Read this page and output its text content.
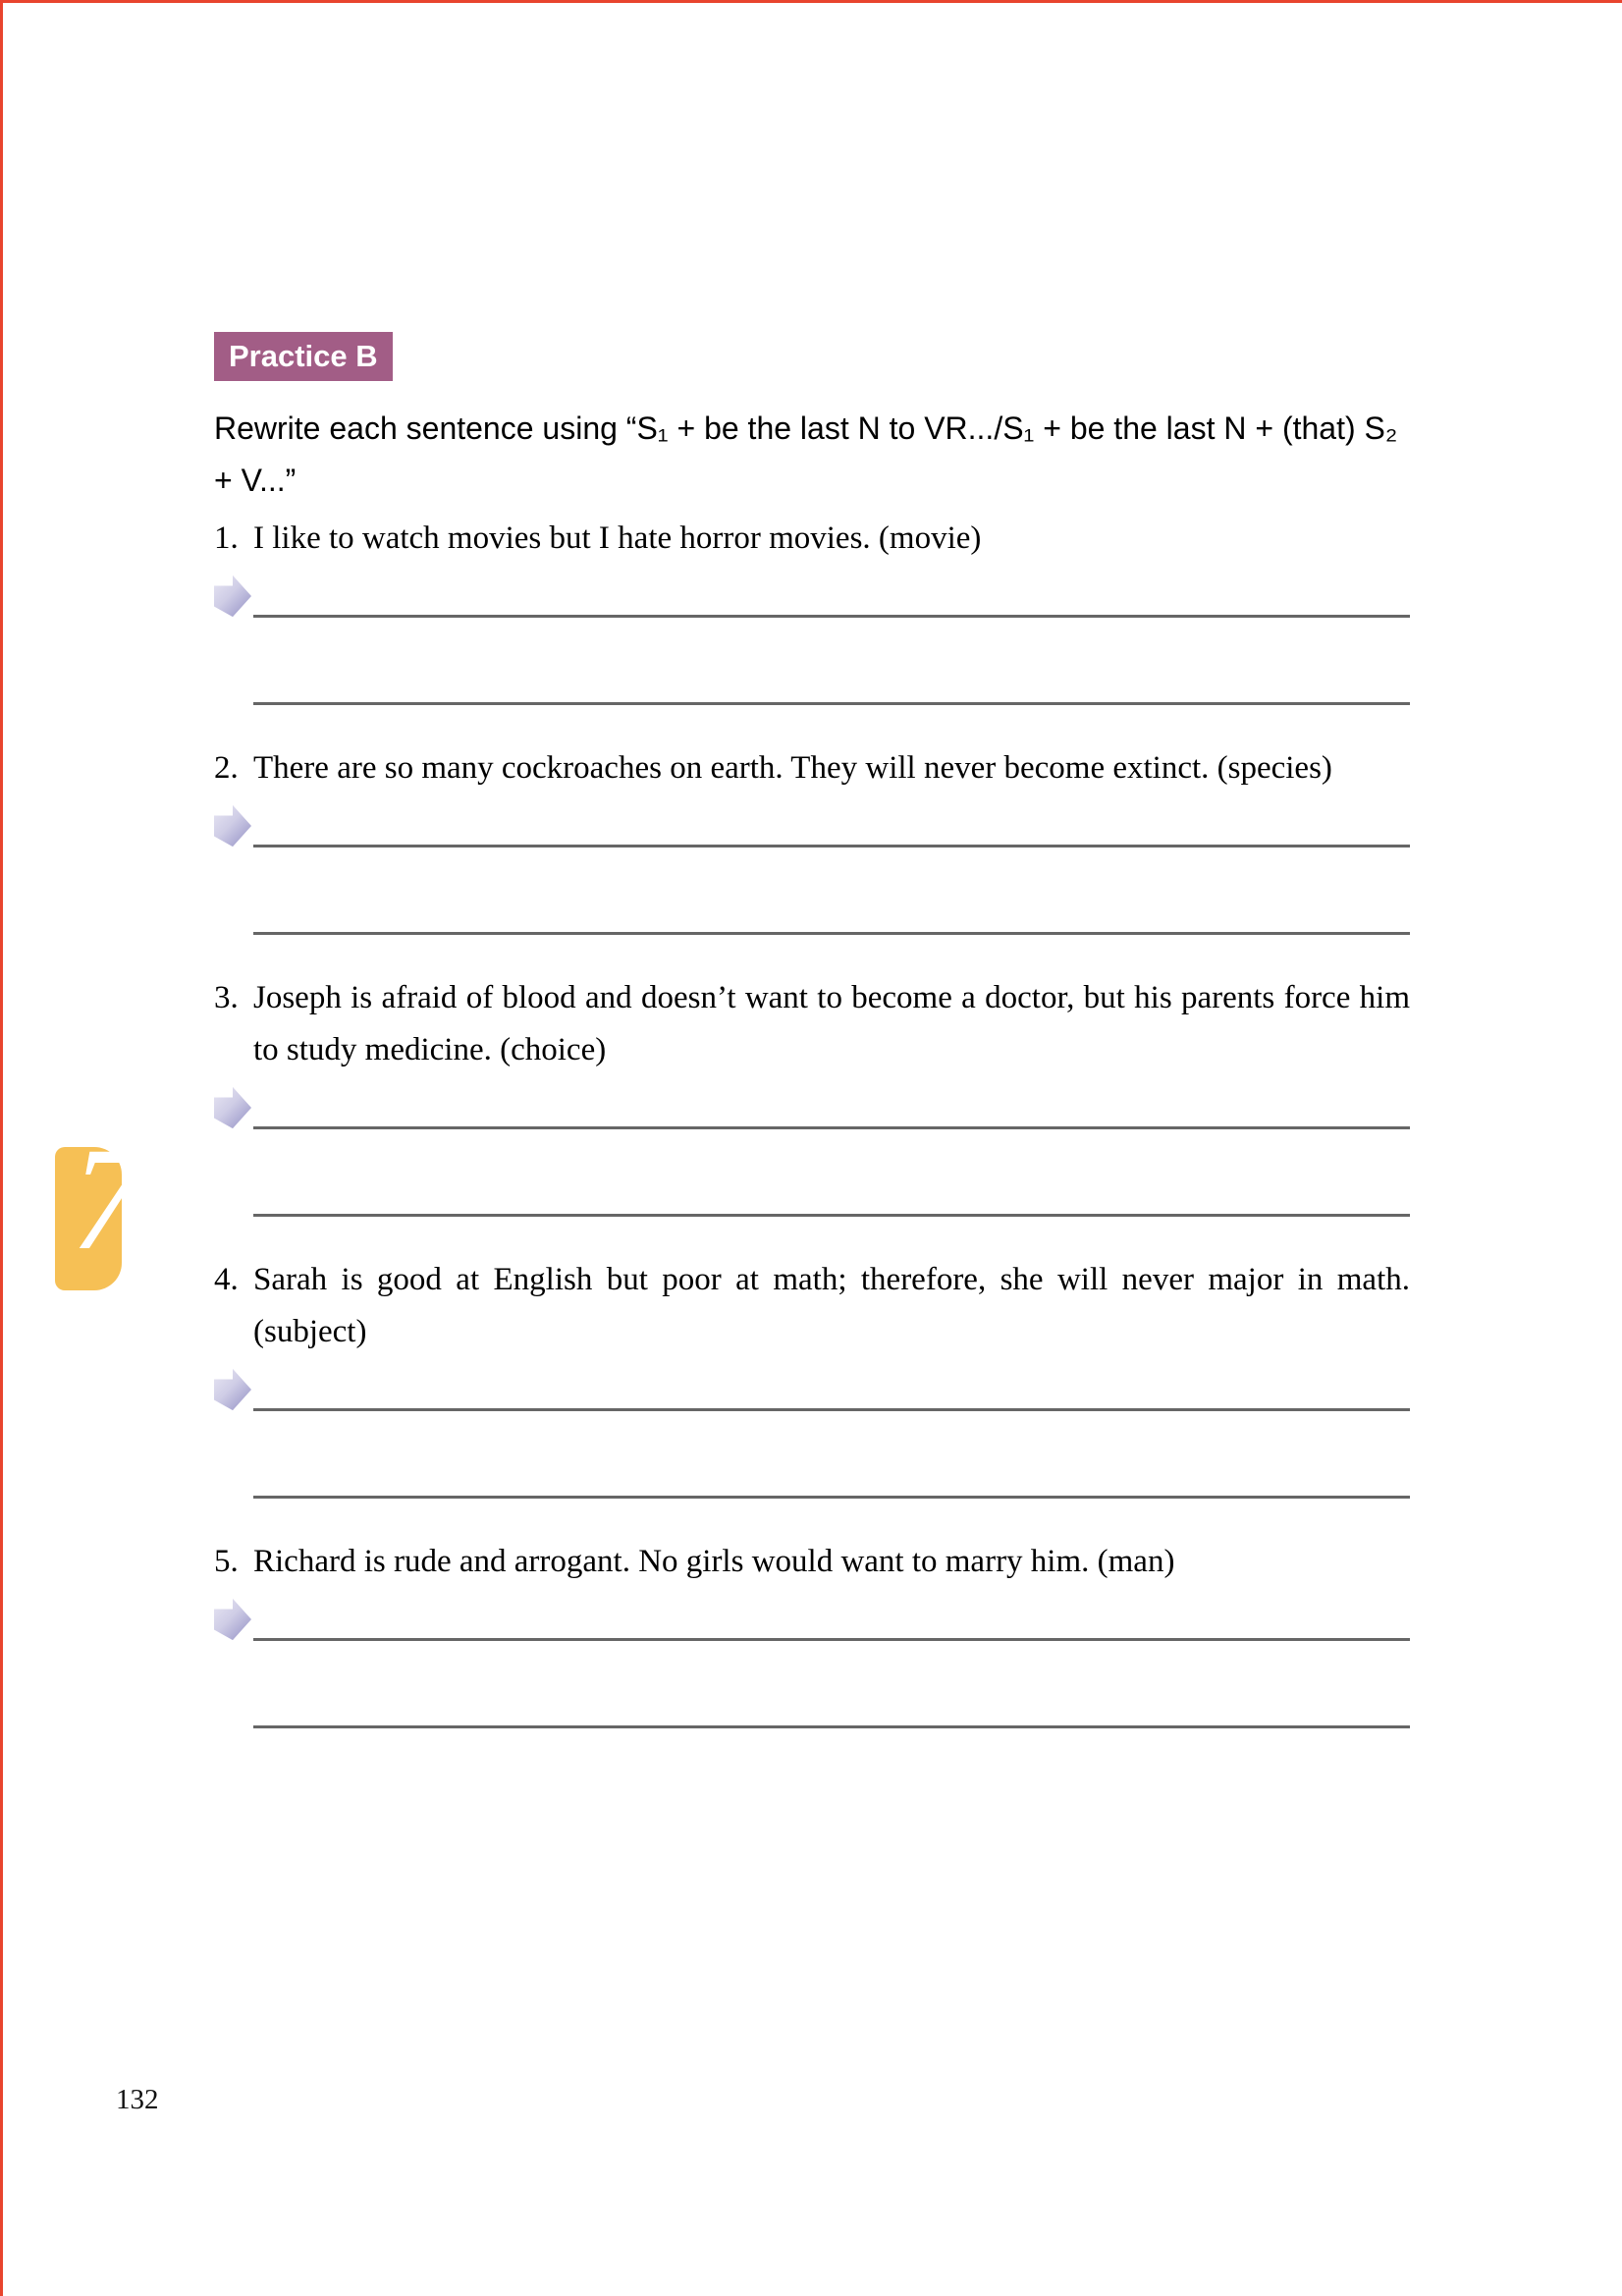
Practice B

Rewrite each sentence using “S₁ + be the last N to VR.../S₁ + be the last N + (that) S₂ + V...”

1. I like to watch movies but I hate horror movies. (movie)

2. There are so many cockroaches on earth. They will never become extinct. (species)

3. Joseph is afraid of blood and doesn’t want to become a doctor, but his parents force him to study medicine. (choice)

4. Sarah is good at English but poor at math; therefore, she will never major in math. (subject)

5. Richard is rude and arrogant. No girls would want to marry him. (man)

7
132
